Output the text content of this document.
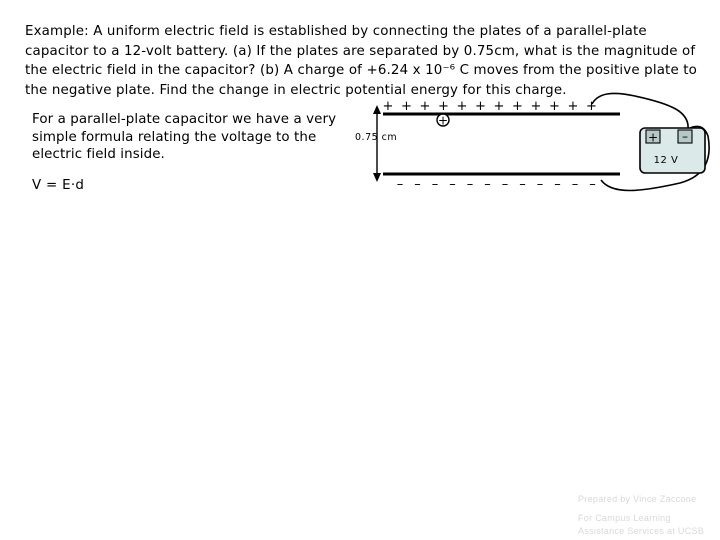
Example: A uniform electric field is established by connecting the plates of a parallel-plate capacitor to a 12-volt battery. (a) If the plates are separated by 0.75cm, what is the magnitude of the electric field in the capacitor? (b) A charge of +6.24 x 10⁻⁶ C moves from the positive plate to the negative plate. Find the change in electric potential energy for this charge.

For a parallel-plate capacitor we have a very simple formula relating the voltage to the electric field inside.

V = E·d

+ + + + + + + + + + + +
+
0.75 cm
– – – – – – – – – – – –
+ –
12 V

Prepared by Vince Zaccone

For Campus Learning

Assistance Services at UCSB
